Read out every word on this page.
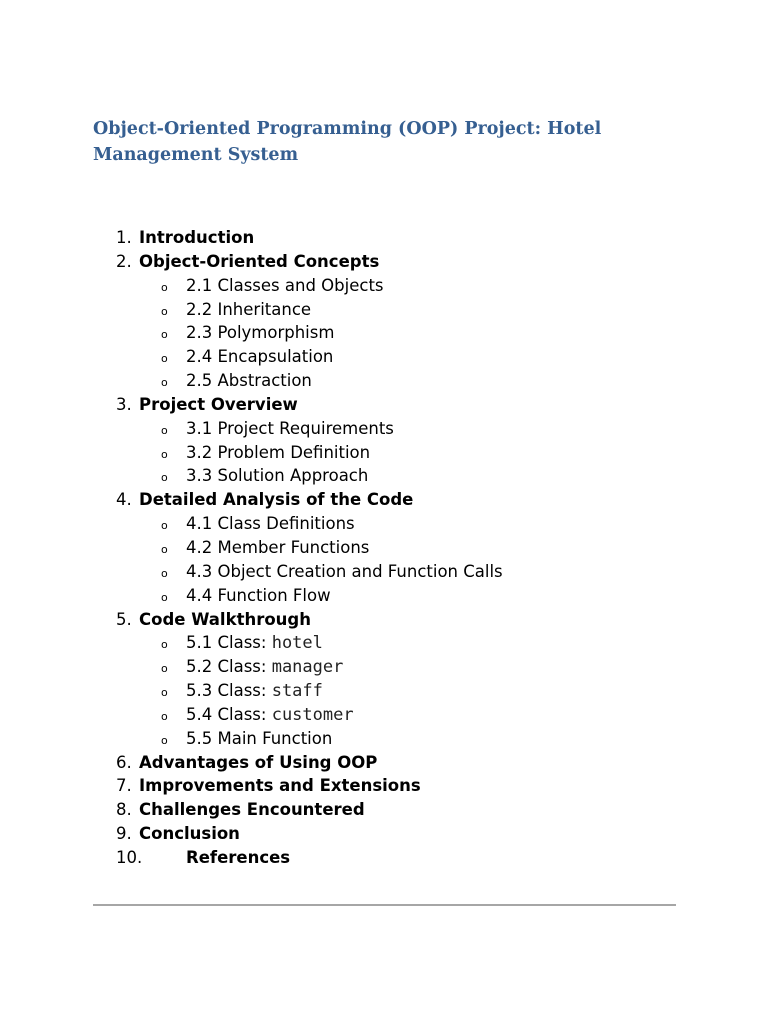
Object-Oriented Programming (OOP) Project: Hotel Management System
1. Introduction
2. Object-Oriented Concepts
o 2.1 Classes and Objects
o 2.2 Inheritance
o 2.3 Polymorphism
o 2.4 Encapsulation
o 2.5 Abstraction
3. Project Overview
o 3.1 Project Requirements
o 3.2 Problem Definition
o 3.3 Solution Approach
4. Detailed Analysis of the Code
o 4.1 Class Definitions
o 4.2 Member Functions
o 4.3 Object Creation and Function Calls
o 4.4 Function Flow
5. Code Walkthrough
o 5.1 Class: hotel
o 5.2 Class: manager
o 5.3 Class: staff
o 5.4 Class: customer
o 5.5 Main Function
6. Advantages of Using OOP
7. Improvements and Extensions
8. Challenges Encountered
9. Conclusion
10.	References
